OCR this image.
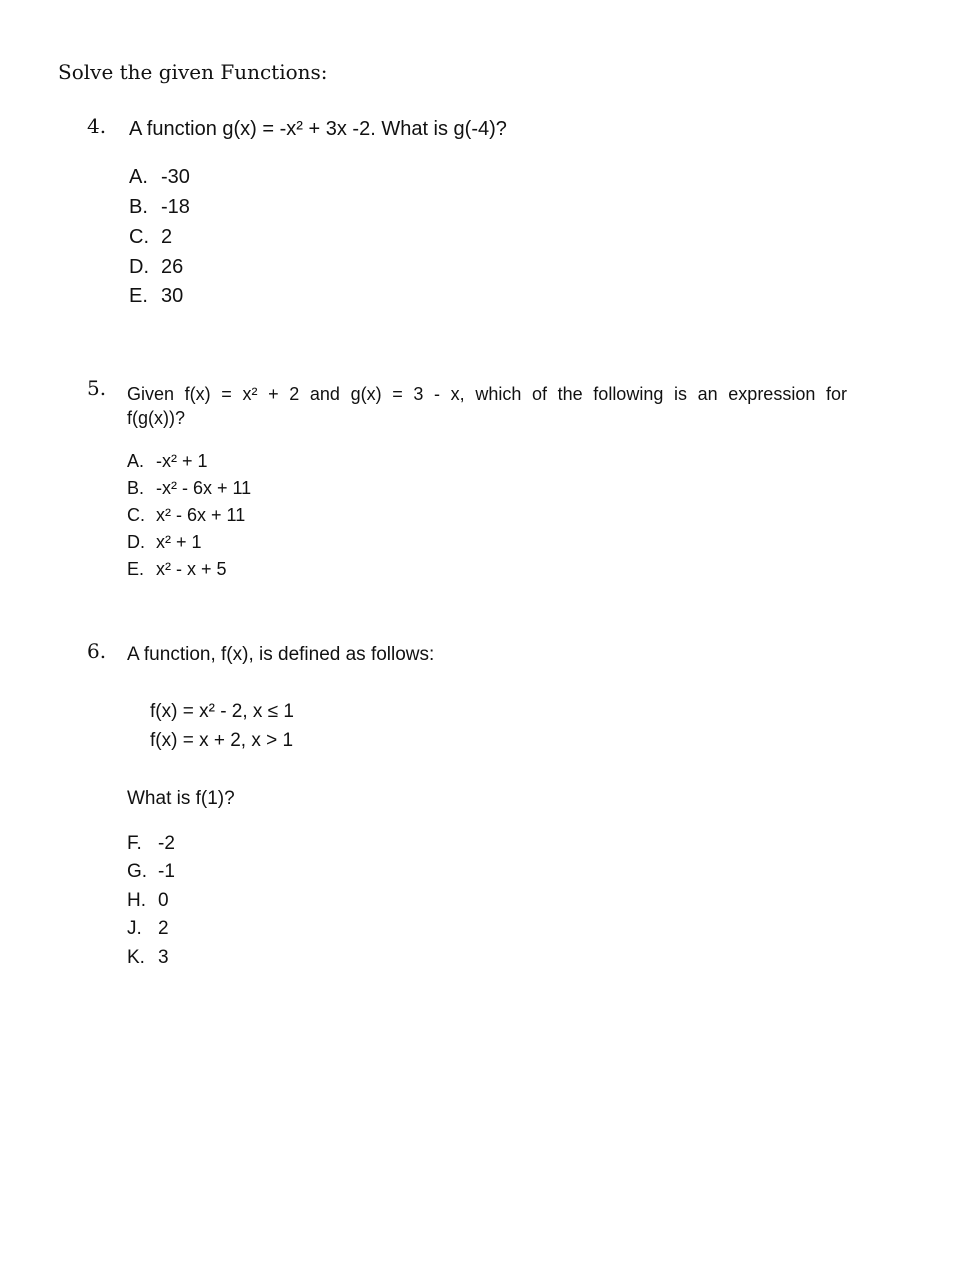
Solve the given Functions:
4. A function g(x) = -x² + 3x -2. What is g(-4)?
A. -30
B. -18
C. 2
D. 26
E. 30
5. Given f(x) = x² + 2 and g(x) = 3 - x, which of the following is an expression for
f(g(x))?
A. -x² + 1
B. -x² - 6x + 11
C. x² - 6x + 11
D. x² + 1
E. x² - x + 5
6. A function, f(x), is defined as follows:
f(x) = x² - 2, x ≤ 1
f(x) = x + 2, x > 1
What is f(1)?
F. -2
G. -1
H. 0
J. 2
K. 3
